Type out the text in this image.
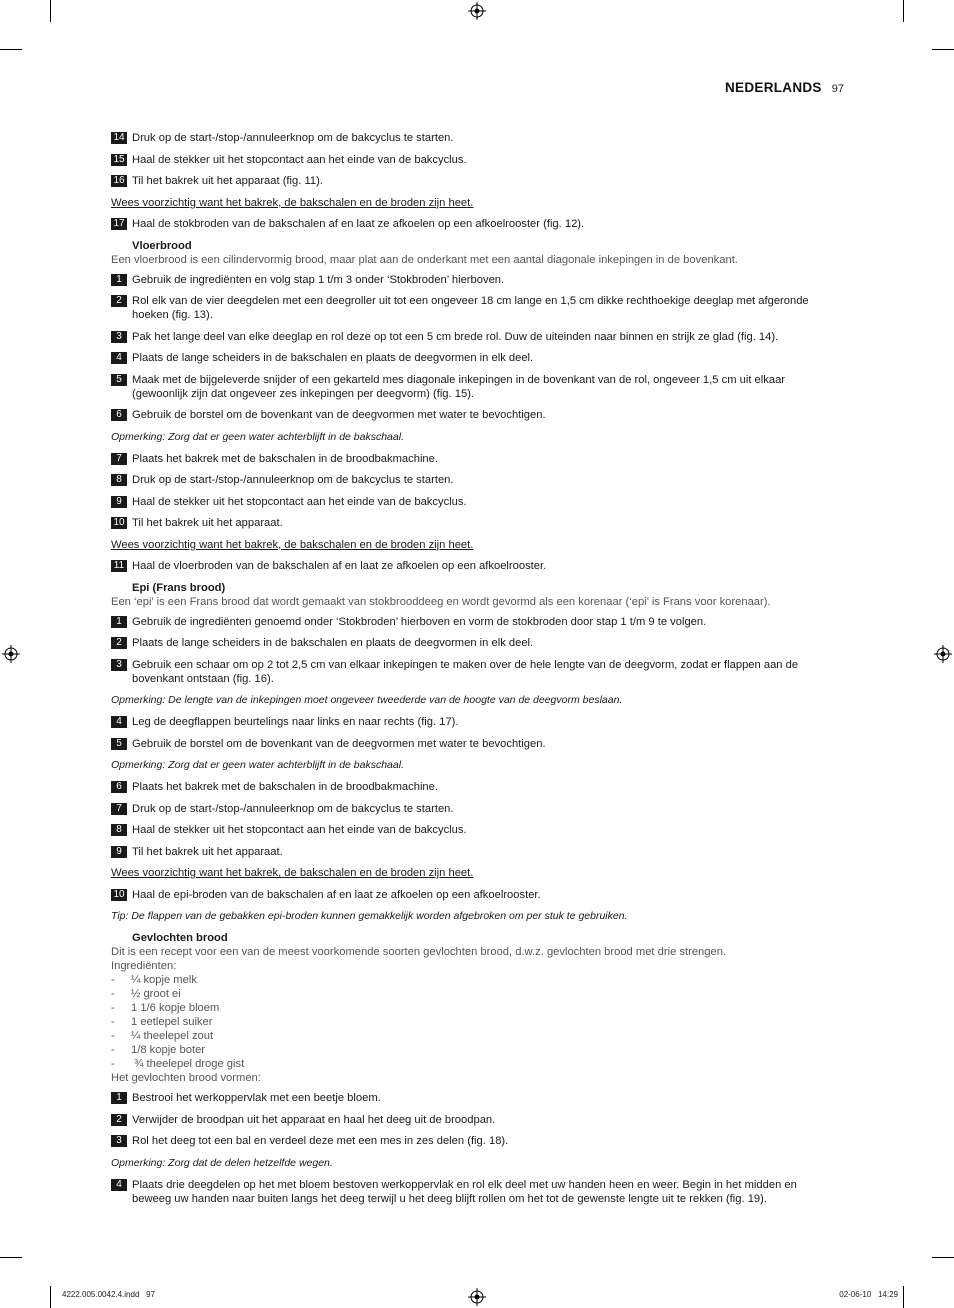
NEDERLANDS 97
14 Druk op de start-/stop-/annuleerknop om de bakcyclus te starten.
15 Haal de stekker uit het stopcontact aan het einde van de bakcyclus.
16 Til het bakrek uit het apparaat (fig. 11).
Wees voorzichtig want het bakrek, de bakschalen en de broden zijn heet.
17 Haal de stokbroden van de bakschalen af en laat ze afkoelen op een afkoelrooster (fig. 12).
Vloerbrood
Een vloerbrood is een cilindervormig brood, maar plat aan de onderkant met een aantal diagonale inkepingen in de bovenkant.
1 Gebruik de ingrediënten en volg stap 1 t/m 3 onder ‘Stokbroden’ hierboven.
2 Rol elk van de vier deegdelen met een deegroller uit tot een ongeveer 18 cm lange en 1,5 cm dikke rechthoekige deeglap met afgeronde hoeken (fig. 13).
3 Pak het lange deel van elke deeglap en rol deze op tot een 5 cm brede rol. Duw de uiteinden naar binnen en strijk ze glad (fig. 14).
4 Plaats de lange scheiders in de bakschalen en plaats de deegvormen in elk deel.
5 Maak met de bijgeleverde snijder of een gekarteld mes diagonale inkepingen in de bovenkant van de rol, ongeveer 1,5 cm uit elkaar (gewoonlijk zijn dat ongeveer zes inkepingen per deegvorm) (fig. 15).
6 Gebruik de borstel om de bovenkant van de deegvormen met water te bevochtigen.
Opmerking: Zorg dat er geen water achterblijft in de bakschaal.
7 Plaats het bakrek met de bakschalen in de broodbakmachine.
8 Druk op de start-/stop-/annuleerknop om de bakcyclus te starten.
9 Haal de stekker uit het stopcontact aan het einde van de bakcyclus.
10 Til het bakrek uit het apparaat.
Wees voorzichtig want het bakrek, de bakschalen en de broden zijn heet.
11 Haal de vloerbroden van de bakschalen af en laat ze afkoelen op een afkoelrooster.
Epi (Frans brood)
Een ‘epi’ is een Frans brood dat wordt gemaakt van stokbrooddeeg en wordt gevormd als een korenaar (‘epi’ is Frans voor korenaar).
1 Gebruik de ingrediënten genoemd onder ‘Stokbroden’ hierboven en vorm de stokbroden door stap 1 t/m 9 te volgen.
2 Plaats de lange scheiders in de bakschalen en plaats de deegvormen in elk deel.
3 Gebruik een schaar om op 2 tot 2,5 cm van elkaar inkepingen te maken over de hele lengte van de deegvorm, zodat er flappen aan de bovenkant ontstaan (fig. 16).
Opmerking: De lengte van de inkepingen moet ongeveer tweederde van de hoogte van de deegvorm beslaan.
4 Leg de deegflappen beurtelings naar links en naar rechts (fig. 17).
5 Gebruik de borstel om de bovenkant van de deegvormen met water te bevochtigen.
Opmerking: Zorg dat er geen water achterblijft in de bakschaal.
6 Plaats het bakrek met de bakschalen in de broodbakmachine.
7 Druk op de start-/stop-/annuleerknop om de bakcyclus te starten.
8 Haal de stekker uit het stopcontact aan het einde van de bakcyclus.
9 Til het bakrek uit het apparaat.
Wees voorzichtig want het bakrek, de bakschalen en de broden zijn heet.
10 Haal de epi-broden van de bakschalen af en laat ze afkoelen op een afkoelrooster.
Tip: De flappen van de gebakken epi-broden kunnen gemakkelijk worden afgebroken om per stuk te gebruiken.
Gevlochten brood
Dit is een recept voor een van de meest voorkomende soorten gevlochten brood, d.w.z. gevlochten brood met drie strengen.
Ingrediënten:
-	¼ kopje melk
-	½ groot ei
-	1 1/6 kopje bloem
-	1 eetlepel suiker
-	¼ theelepel zout
-	1/8 kopje boter
-	¾ theelepel droge gist
Het gevlochten brood vormen:
1 Bestrooi het werkoppervlak met een beetje bloem.
2 Verwijder de broodpan uit het apparaat en haal het deeg uit de broodpan.
3 Rol het deeg tot een bal en verdeel deze met een mes in zes delen (fig. 18).
Opmerking: Zorg dat de delen hetzelfde wegen.
4 Plaats drie deegdelen op het met bloem bestoven werkoppervlak en rol elk deel met uw handen heen en weer. Begin in het midden en beweeg uw handen naar buiten langs het deeg terwijl u het deeg blijft rollen om het tot de gewenste lengte uit te rekken (fig. 19).
4222.005.0042.4.indd   97	02-06-10   14:29
